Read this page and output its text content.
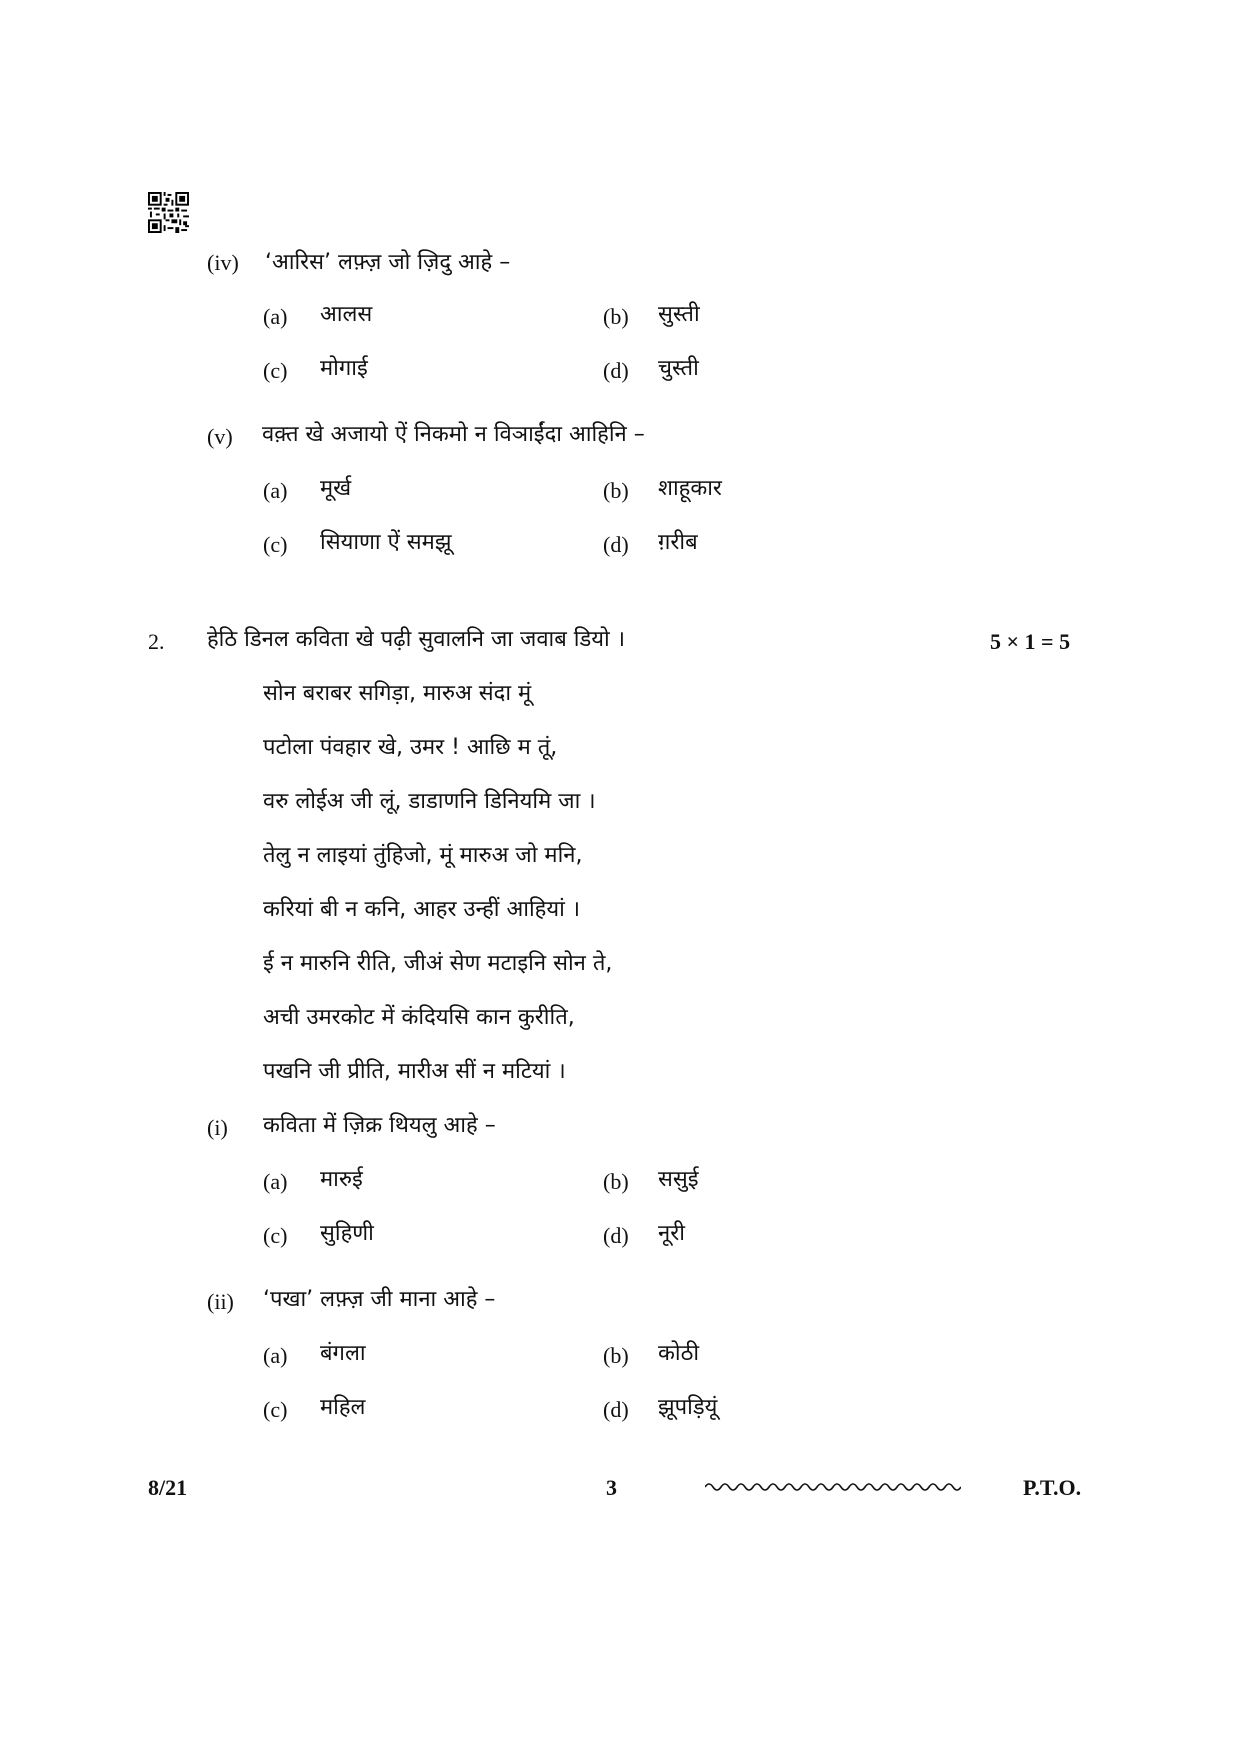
(iv) ‘आरिस’ लफ़्ज़ जो ज़िदु आहे –
(a) आलस	(b) सुस्ती
(c) मोगाई	(d) चुस्ती
(v) वक़्त खे अजायो ऐं निकमो न विञाईंदा आहिनि –
(a) मूर्ख	(b) शाहूकार
(c) सियाणा ऐं समझू	(d) ग़रीब
2. हेठि डिनल कविता खे पढ़ी सुवालनि जा जवाब डियो ।	5 × 1 = 5
सोन बराबर सगिड़ा, मारुअ संदा मूं
पटोला पंवहार खे, उमर ! आछि म तूं,
वरु लोईअ जी लूं, डाडाणनि डिनियमि जा ।
तेलु न लाइयां तुंहिजो, मूं मारुअ जो मनि,
करियां बी न कनि, आहर उन्हीं आहियां ।
ई न मारुनि रीति, जीअं सेण मटाइनि सोन ते,
अची उमरकोट में कंदियसि कान कुरीति,
पखनि जी प्रीति, मारीअ सीं न मटियां ।
(i) कविता में ज़िक्र थियलु आहे –
(a) मारुई	(b) ससुई
(c) सुहिणी	(d) नूरी
(ii) ‘पखा’ लफ़्ज़ जी माना आहे –
(a) बंगला	(b) कोठी
(c) महिल	(d) झूपड़ियूं
8/21	3	P.T.O.
